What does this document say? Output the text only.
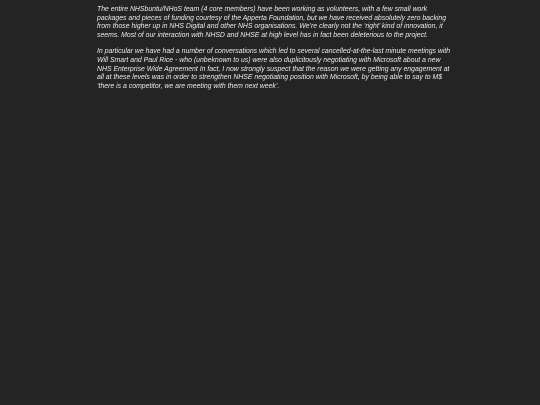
The entire NHSbuntu/NHoS team (4 core members) have been working as volunteers, with a few small work packages and pieces of funding courtesy of the Apperta Foundation, but we have received absolutely zero backing from those higher up in NHS Digital and other NHS organisations. We’re clearly not the ‘right’ kind of innovation, it seems. Most of our interaction with NHSD and NHSE at high level has in fact been deleterious to the project.

In particular we have had a number of conversations which led to several cancelled-at-the-last minute meetings with Will Smart and Paul Rice - who (unbeknown to us) were also duplicitously negotiating with Microsoft about a new NHS Enterprise Wide Agreement In fact, I now strongly suspect that the reason we were getting any engagement at all at these levels was in order to strengthen NHSE negotiating position with Microsoft, by being able to say to M$ ‘there is a competitor, we are meeting with them next week’.
